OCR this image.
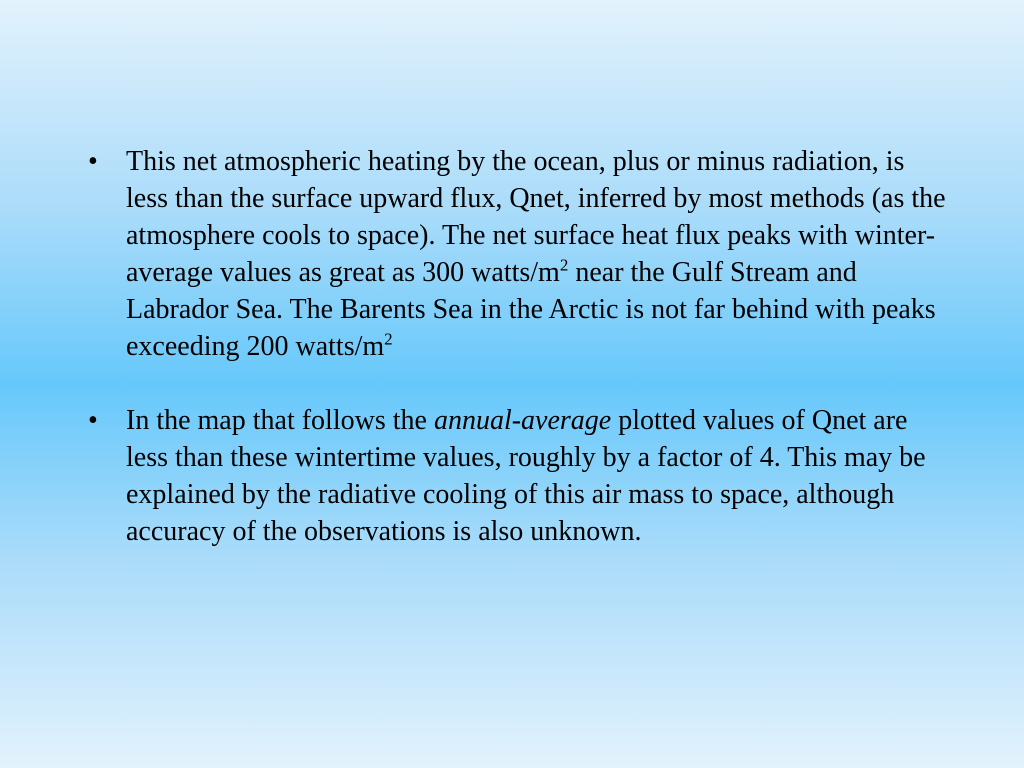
• This net atmospheric heating by the ocean, plus or minus radiation, is less than the surface upward flux, Qnet, inferred by most methods (as the atmosphere cools to space). The net surface heat flux peaks with winter-average values as great as 300 watts/$m^2$ near the Gulf Stream and Labrador Sea. The Barents Sea in the Arctic is not far behind with peaks exceeding 200 watts/$m^2$
• In the map that follows the annual-average plotted values of Qnet are less than these wintertime values, roughly by a factor of 4. This may be explained by the radiative cooling of this air mass to space, although accuracy of the observations is also unknown.
